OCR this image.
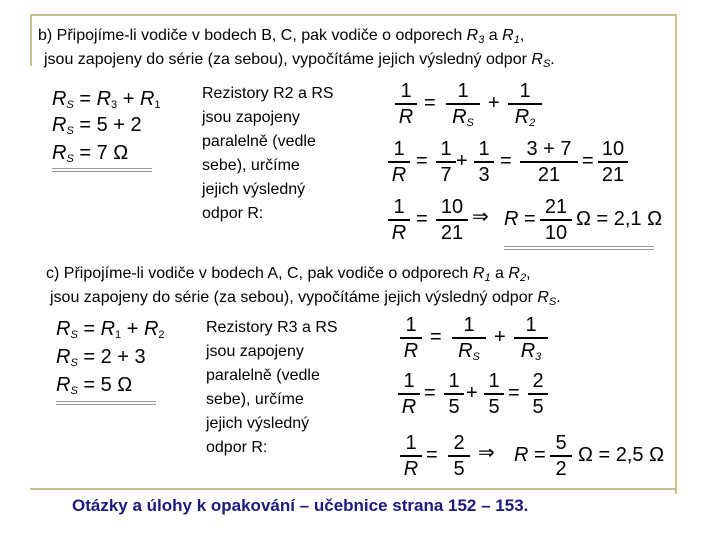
b) Připojíme-li vodiče v bodech B, C, pak vodiče o odporech $R_3$ a $R_1$,
jsou zapojeny do série (za sebou), vypočítáme jejich výsledný odpor $R_S$.
$R_S = R_3 + R_1$
$R_S = 5 + 2$
$R_S = 7$ Ω
Rezistory R2 a RS
jsou zapojeny
paralelně (vedle
sebe), určíme
jejich výsledný
odpor R:
1
R
=
1
$R_S$
+
1
$R_2$
1
R
=
1
7
+
1
3
=
3 + 7
21
=
10
21
1
R
=
10
21
⇒ R =
21
10
Ω = 2,1 Ω
c) Připojíme-li vodiče v bodech A, C, pak vodiče o odporech $R_1$ a $R_2$,
jsou zapojeny do série (za sebou), vypočítáme jejich výsledný odpor $R_S$.
$R_S = R_1 + R_2$
$R_S = 2 + 3$
$R_S = 5$ Ω
Rezistory R3 a RS
jsou zapojeny
paralelně (vedle
sebe), určíme
jejich výsledný
odpor R:
1
R
=
1
$R_S$
+
1
$R_3$
1
R
=
1
5
+
1
5
=
2
5
1
R
=
2
5
⇒ R =
5
2
Ω = 2,5 Ω
Otázky a úlohy k opakování – učebnice strana 152 – 153.
